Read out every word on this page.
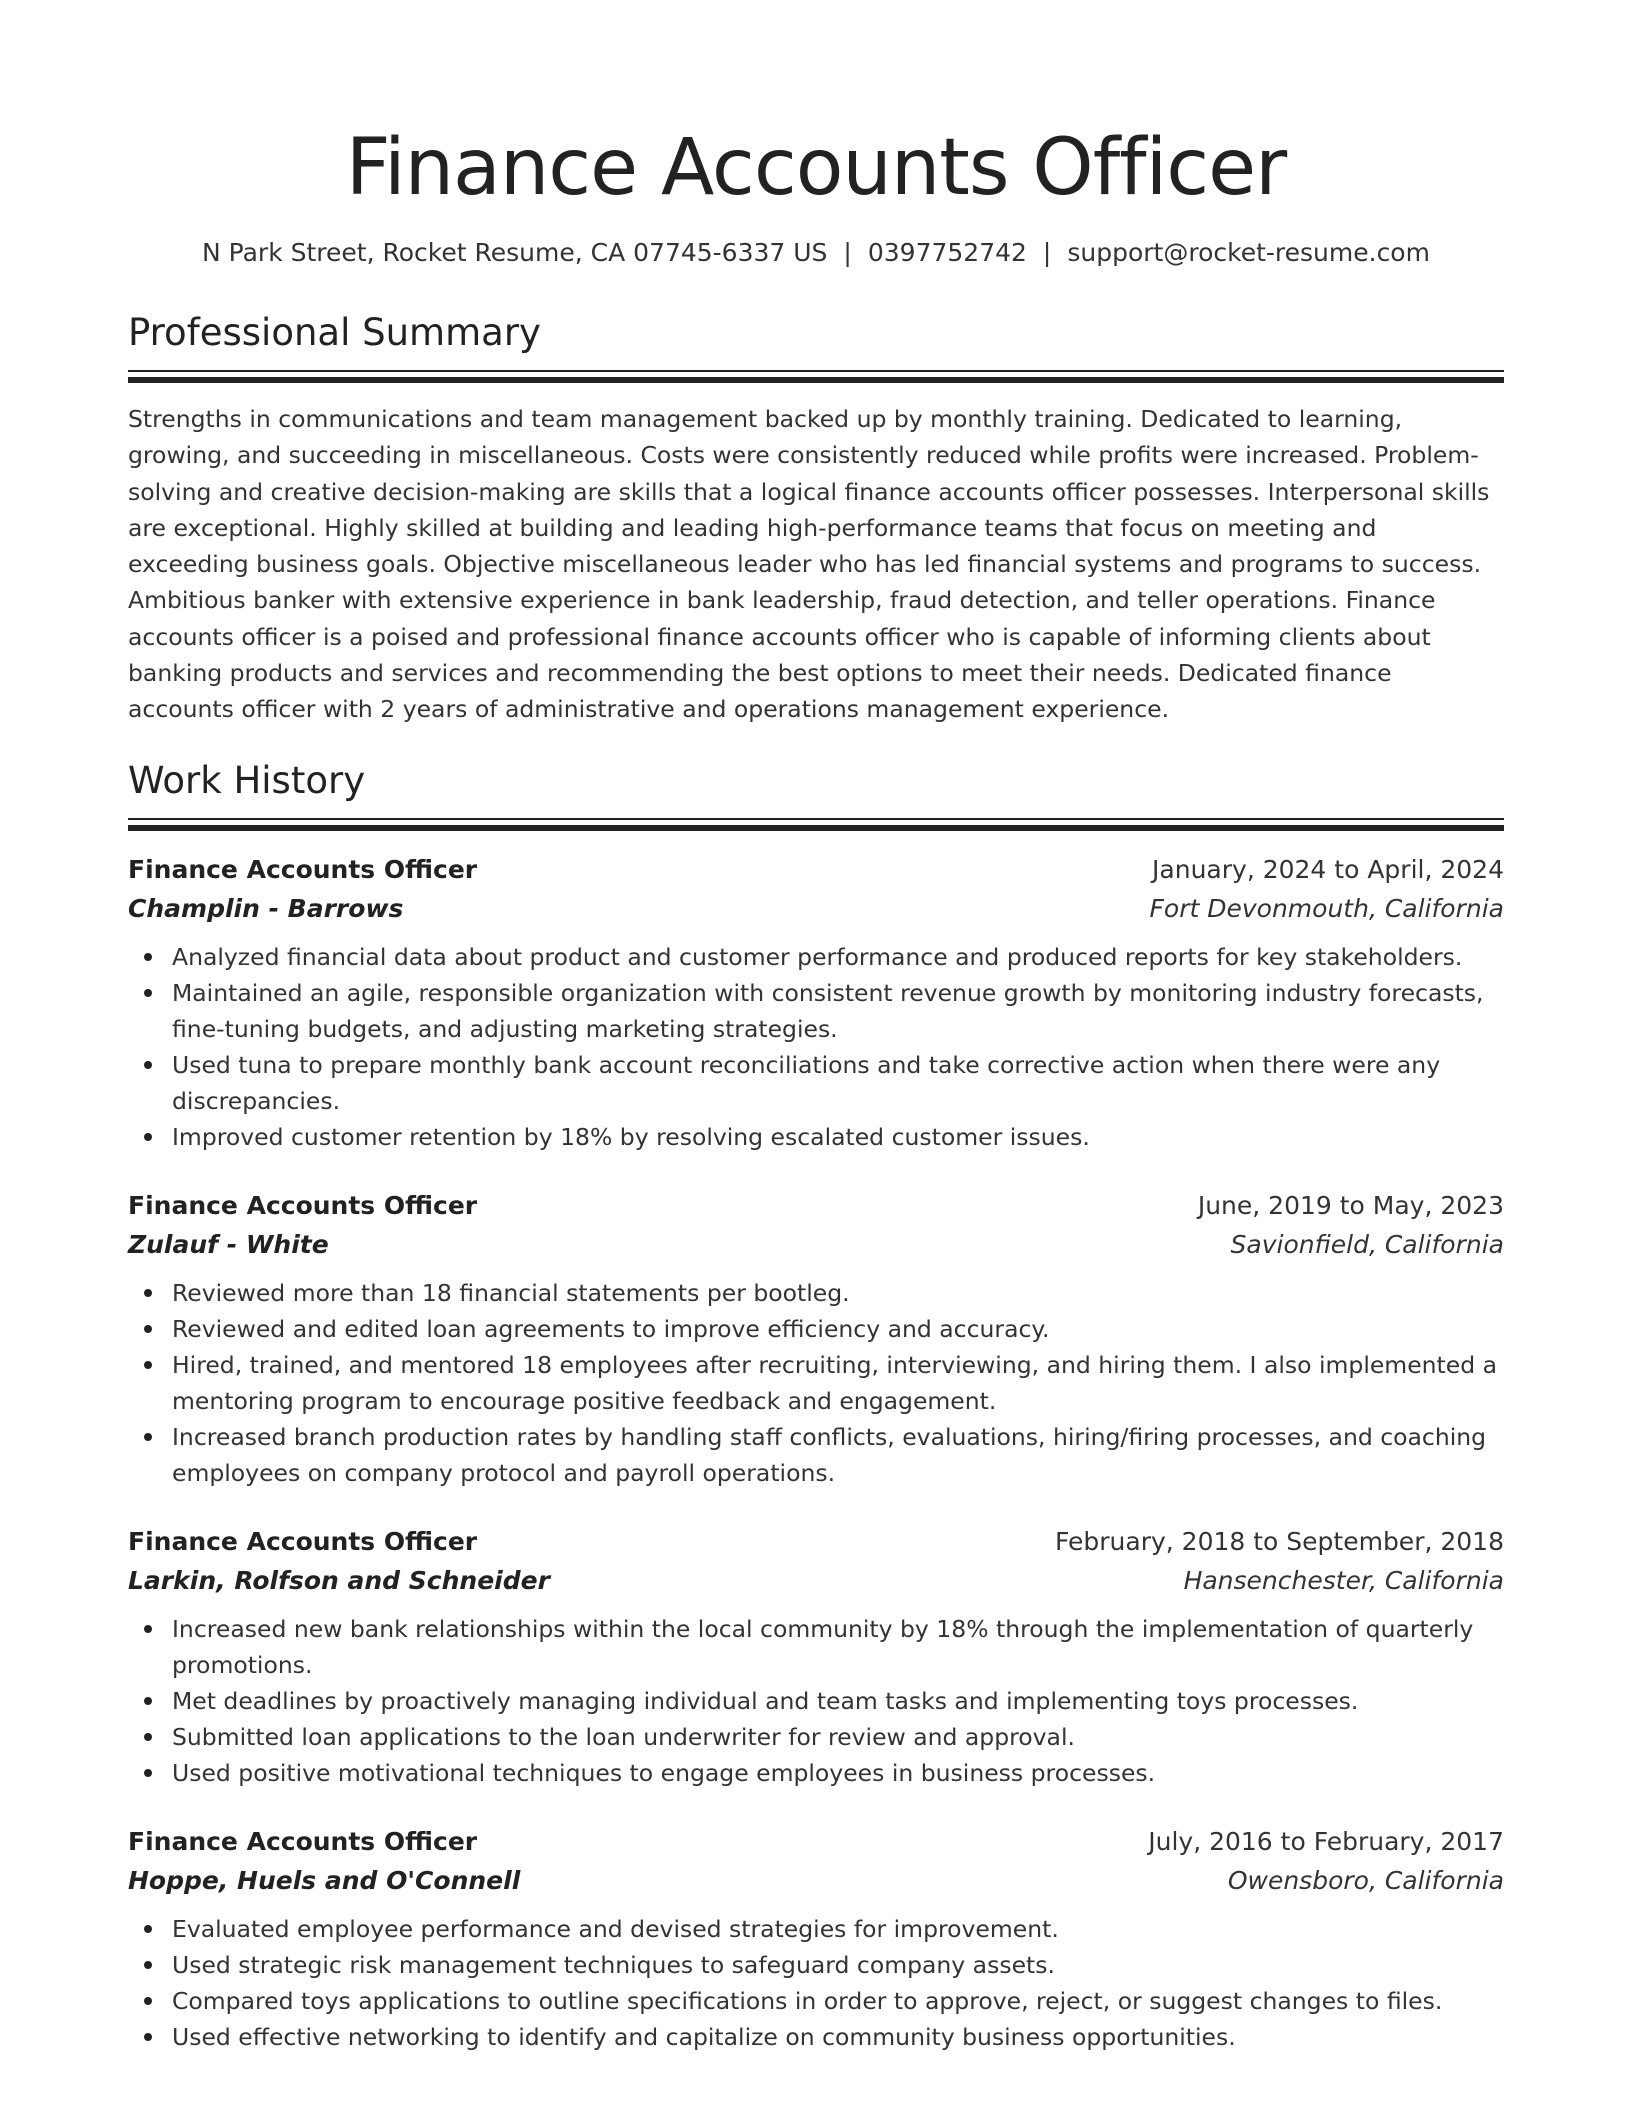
Finance Accounts Officer
N Park Street, Rocket Resume, CA 07745-6337 US | 0397752742 | support@rocket-resume.com
Professional Summary

Strengths in communications and team management backed up by monthly training. Dedicated to learning, growing, and succeeding in miscellaneous. Costs were consistently reduced while profits were increased. Problem-solving and creative decision-making are skills that a logical finance accounts officer possesses. Interpersonal skills are exceptional. Highly skilled at building and leading high-performance teams that focus on meeting and exceeding business goals. Objective miscellaneous leader who has led financial systems and programs to success. Ambitious banker with extensive experience in bank leadership, fraud detection, and teller operations. Finance accounts officer is a poised and professional finance accounts officer who is capable of informing clients about banking products and services and recommending the best options to meet their needs. Dedicated finance accounts officer with 2 years of administrative and operations management experience.

Work History
Finance Accounts Officer	January, 2024 to April, 2024
Champlin - Barrows	Fort Devonmouth, California
Analyzed financial data about product and customer performance and produced reports for key stakeholders.
Maintained an agile, responsible organization with consistent revenue growth by monitoring industry forecasts, fine-tuning budgets, and adjusting marketing strategies.
Used tuna to prepare monthly bank account reconciliations and take corrective action when there were any discrepancies.
Improved customer retention by 18% by resolving escalated customer issues.
Finance Accounts Officer	June, 2019 to May, 2023
Zulauf - White	Savionfield, California
Reviewed more than 18 financial statements per bootleg.
Reviewed and edited loan agreements to improve efficiency and accuracy.
Hired, trained, and mentored 18 employees after recruiting, interviewing, and hiring them. I also implemented a mentoring program to encourage positive feedback and engagement.
Increased branch production rates by handling staff conflicts, evaluations, hiring/firing processes, and coaching employees on company protocol and payroll operations.
Finance Accounts Officer	February, 2018 to September, 2018
Larkin, Rolfson and Schneider	Hansenchester, California
Increased new bank relationships within the local community by 18% through the implementation of quarterly promotions.
Met deadlines by proactively managing individual and team tasks and implementing toys processes.
Submitted loan applications to the loan underwriter for review and approval.
Used positive motivational techniques to engage employees in business processes.
Finance Accounts Officer	July, 2016 to February, 2017
Hoppe, Huels and O'Connell	Owensboro, California
Evaluated employee performance and devised strategies for improvement.
Used strategic risk management techniques to safeguard company assets.
Compared toys applications to outline specifications in order to approve, reject, or suggest changes to files.
Used effective networking to identify and capitalize on community business opportunities.
